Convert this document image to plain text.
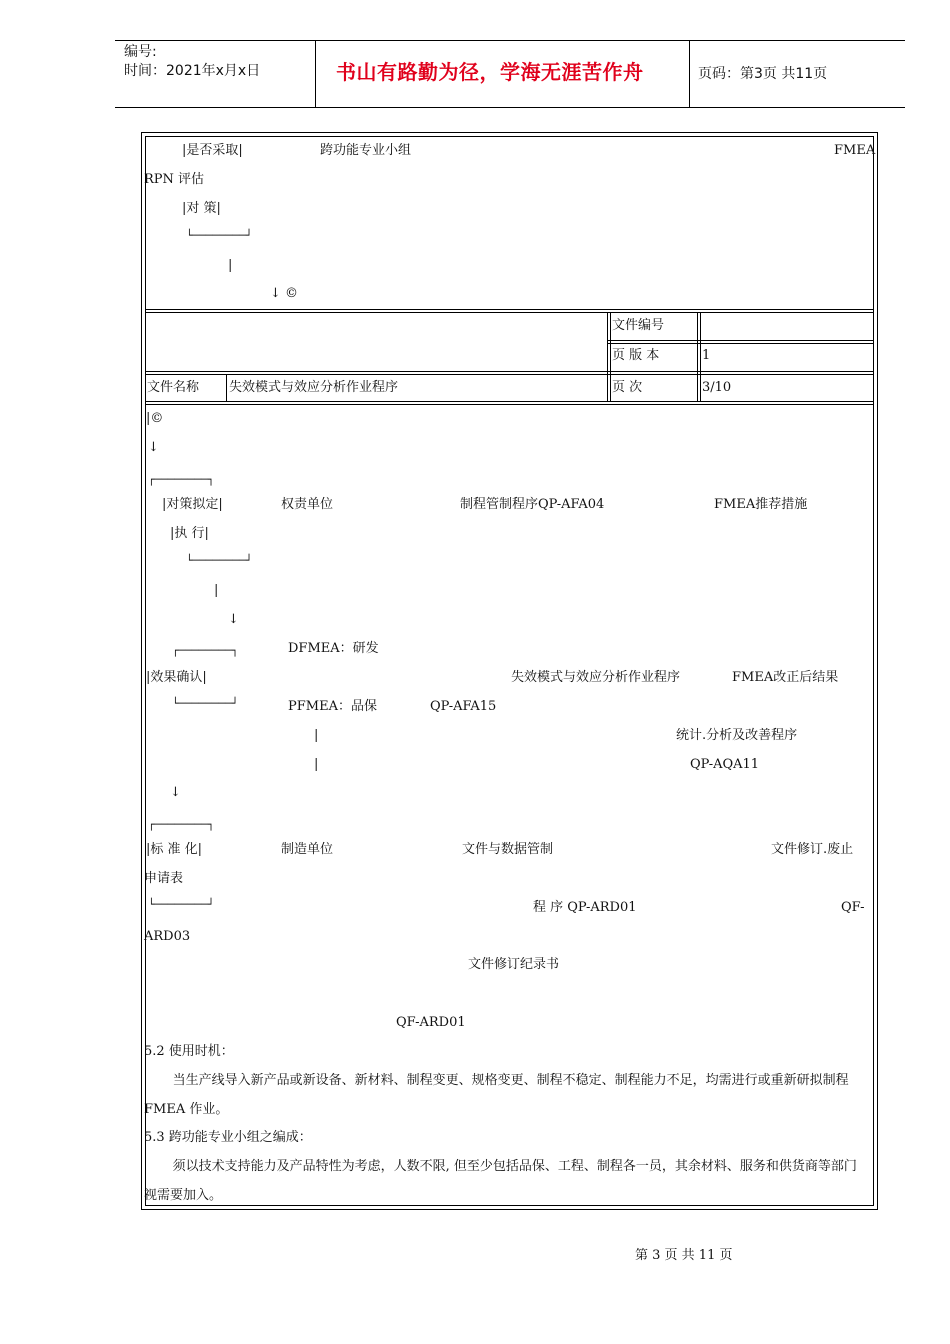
编号:
时间：2021年x月x日	书山有路勤为径，学海无涯苦作舟	页码：第3页 共11页
|是否采取|	跨功能专业小组	FMEA
RPN 评估
|对 策|
└────────┘
|
↓ ©
文件编号
页 版 本	1
文件名称 失效模式与效应分析作业程序	页 次	3/10
|©
↓
┌────────┐
|对策拟定|	权责单位	制程管制程序QP-AFA04	FMEA推荐措施
|执 行|
└────────┘
|
↓
┌────────┐	DFMEA：研发
|效果确认|	失效模式与效应分析作业程序	FMEA改正后结果
└────────┘	PFMEA：品保	QP-AFA15
|	统计.分析及改善程序
|	QP-AQA11
↓
┌────────┐
|标 准 化|	制造单位	文件与数据管制	文件修订.废止
申请表
└────────┘	程 序 QP-ARD01	QF-
ARD03
文件修订纪录书
QF-ARD01
5.2 使用时机：
当生产线导入新产品或新设备、新材料、制程变更、规格变更、制程不稳定、制程能力不足，均需进行或重新研拟制程 FMEA 作业。
5.3 跨功能专业小组之编成：
须以技术支持能力及产品特性为考虑，人数不限, 但至少包括品保、工程、制程各一员，其余材料、服务和供货商等部门视需要加入。
第 3 页 共 11 页
